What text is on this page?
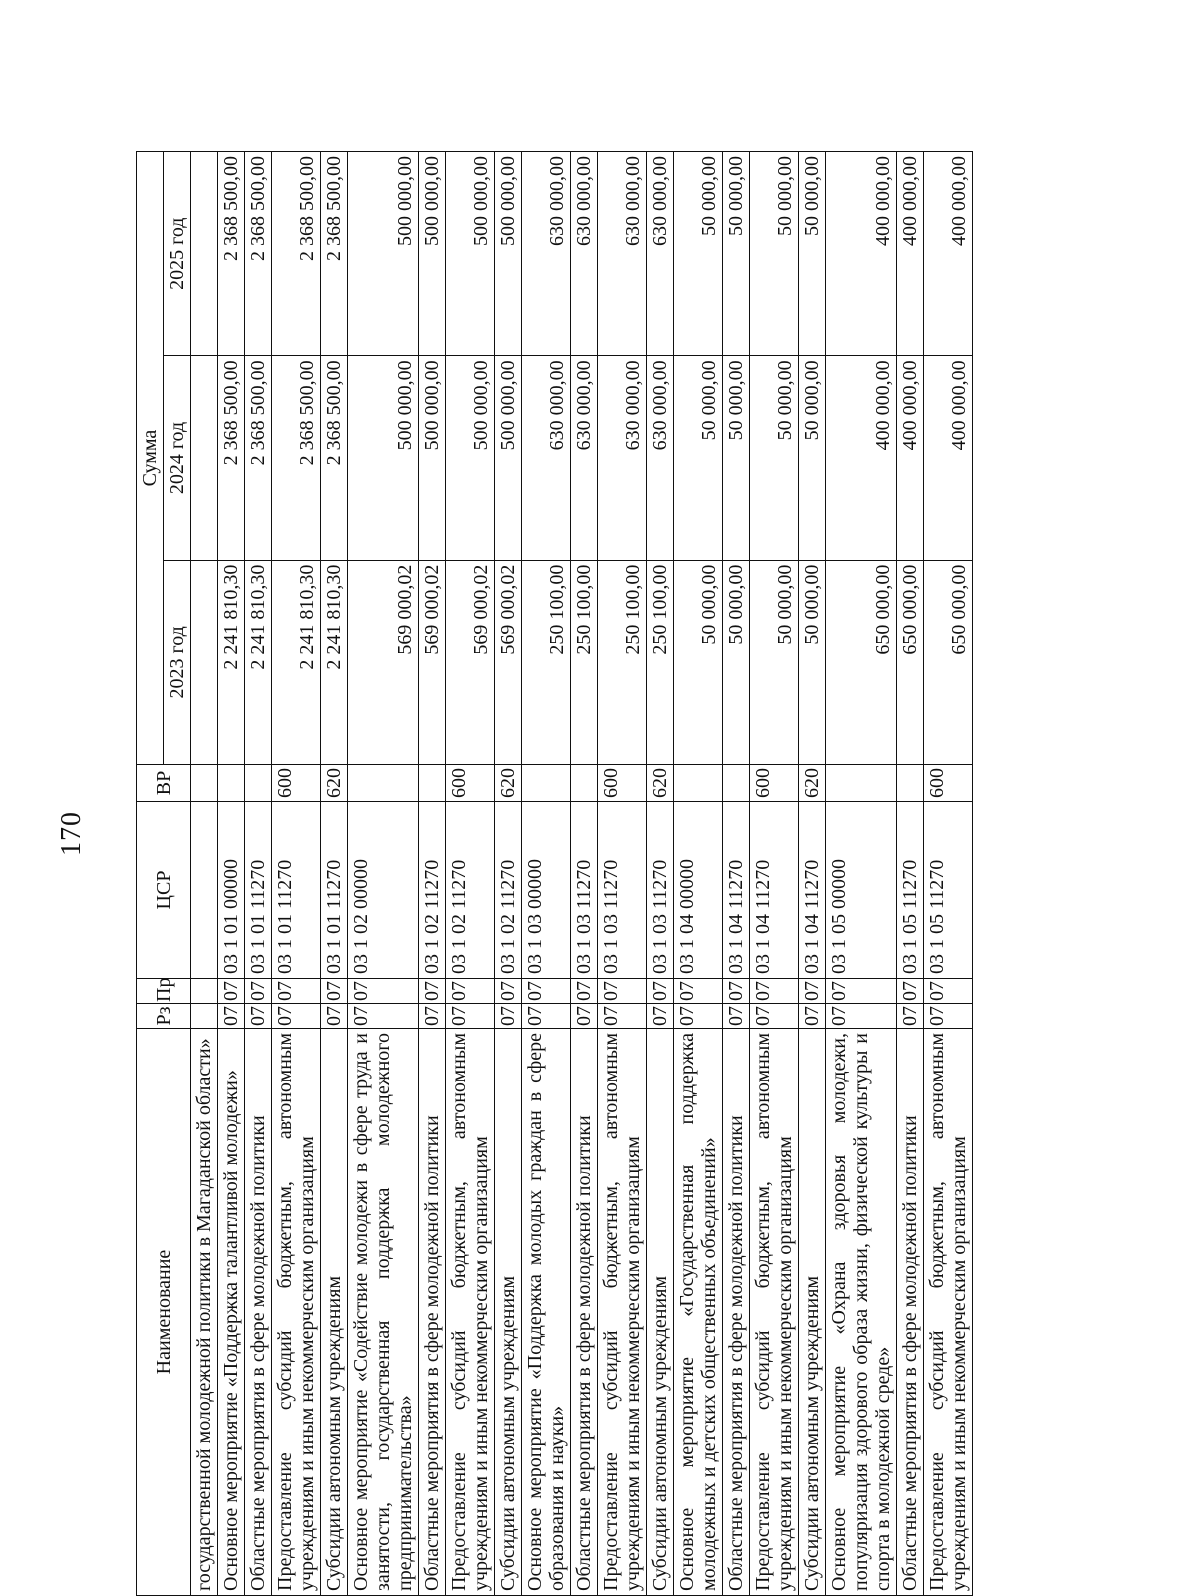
170
Наименование	Рз	Пр	ЦСР	ВР	Сумма		
					2023 год	2024 год	2025 год

государственной молодежной политики в Магаданской области»							

Основное мероприятие «Поддержка талантливой молодежи»	07	07	03 1 01 00000		2 241 810,30	2 368 500,00	2 368 500,00

Областные мероприятия в сфере молодежной политики	07	07	03 1 01 11270		2 241 810,30	2 368 500,00	2 368 500,00

Предоставление субсидий бюджетным, автономным учреждениям и иным некоммерческим организациям	07	07	03 1 01 11270	600	2 241 810,30	2 368 500,00	2 368 500,00

Субсидии автономным учреждениям	07	07	03 1 01 11270	620	2 241 810,30	2 368 500,00	2 368 500,00

Основное мероприятие «Содействие молодежи в сфере труда и занятости, государственная поддержка молодежного предпринимательства»	07	07	03 1 02 00000		569 000,02	500 000,00	500 000,00

Областные мероприятия в сфере молодежной политики	07	07	03 1 02 11270		569 000,02	500 000,00	500 000,00

Предоставление субсидий бюджетным, автономным учреждениям и иным некоммерческим организациям	07	07	03 1 02 11270	600	569 000,02	500 000,00	500 000,00

Субсидии автономным учреждениям	07	07	03 1 02 11270	620	569 000,02	500 000,00	500 000,00

Основное мероприятие «Поддержка молодых граждан в сфере образования и науки»	07	07	03 1 03 00000		250 100,00	630 000,00	630 000,00

Областные мероприятия в сфере молодежной политики	07	07	03 1 03 11270		250 100,00	630 000,00	630 000,00

Предоставление субсидий бюджетным, автономным учреждениям и иным некоммерческим организациям	07	07	03 1 03 11270	600	250 100,00	630 000,00	630 000,00

Субсидии автономным учреждениям	07	07	03 1 03 11270	620	250 100,00	630 000,00	630 000,00

Основное мероприятие «Государственная поддержка молодежных и детских общественных объединений»	07	07	03 1 04 00000		50 000,00	50 000,00	50 000,00

Областные мероприятия в сфере молодежной политики	07	07	03 1 04 11270		50 000,00	50 000,00	50 000,00

Предоставление субсидий бюджетным, автономным учреждениям и иным некоммерческим организациям	07	07	03 1 04 11270	600	50 000,00	50 000,00	50 000,00

Субсидии автономным учреждениям	07	07	03 1 04 11270	620	50 000,00	50 000,00	50 000,00

Основное мероприятие «Охрана здоровья молодежи, популяризация здорового образа жизни, физической культуры и спорта в молодежной среде»	07	07	03 1 05 00000		650 000,00	400 000,00	400 000,00

Областные мероприятия в сфере молодежной политики	07	07	03 1 05 11270		650 000,00	400 000,00	400 000,00

Предоставление субсидий бюджетным, автономным учреждениям и иным некоммерческим организациям	07	07	03 1 05 11270	600	650 000,00	400 000,00	400 000,00
